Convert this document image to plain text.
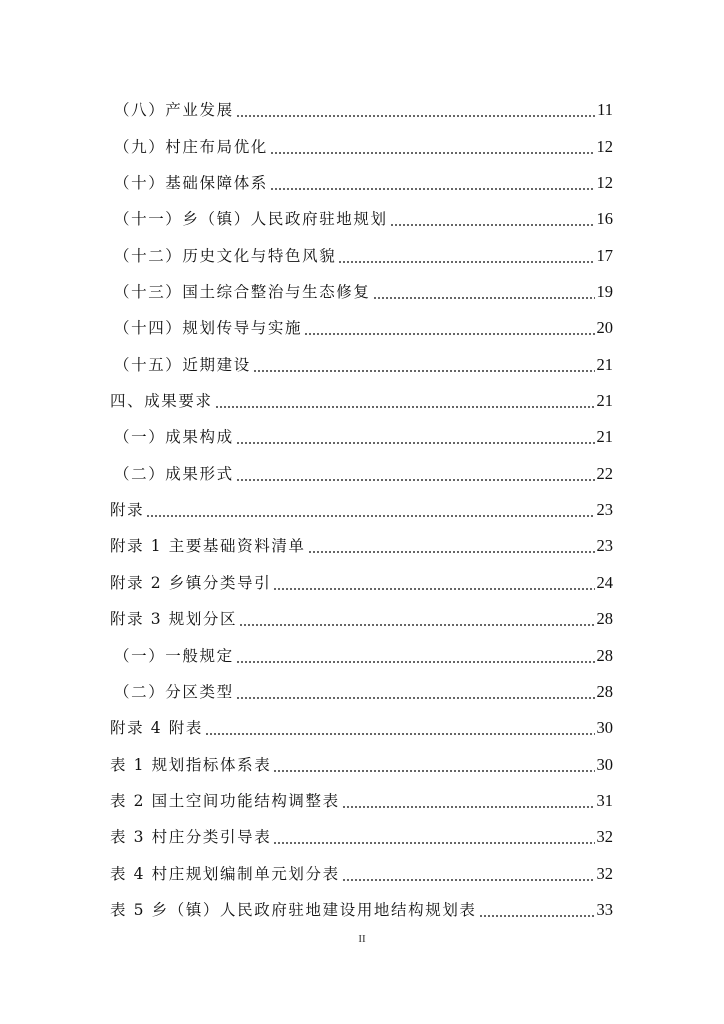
（八）产业发展	11
（九）村庄布局优化	12
（十）基础保障体系	12
（十一）乡（镇）人民政府驻地规划	16
（十二）历史文化与特色风貌	17
（十三）国土综合整治与生态修复	19
（十四）规划传导与实施	20
（十五）近期建设	21
四、成果要求	21
（一）成果构成	21
（二）成果形式	22
附录	23
附录 1 主要基础资料清单	23
附录 2 乡镇分类导引	24
附录 3 规划分区	28
（一）一般规定	28
（二）分区类型	28
附录 4 附表	30
表 1 规划指标体系表	30
表 2 国土空间功能结构调整表	31
表 3 村庄分类引导表	32
表 4 村庄规划编制单元划分表	32
表 5 乡（镇）人民政府驻地建设用地结构规划表	33
II
